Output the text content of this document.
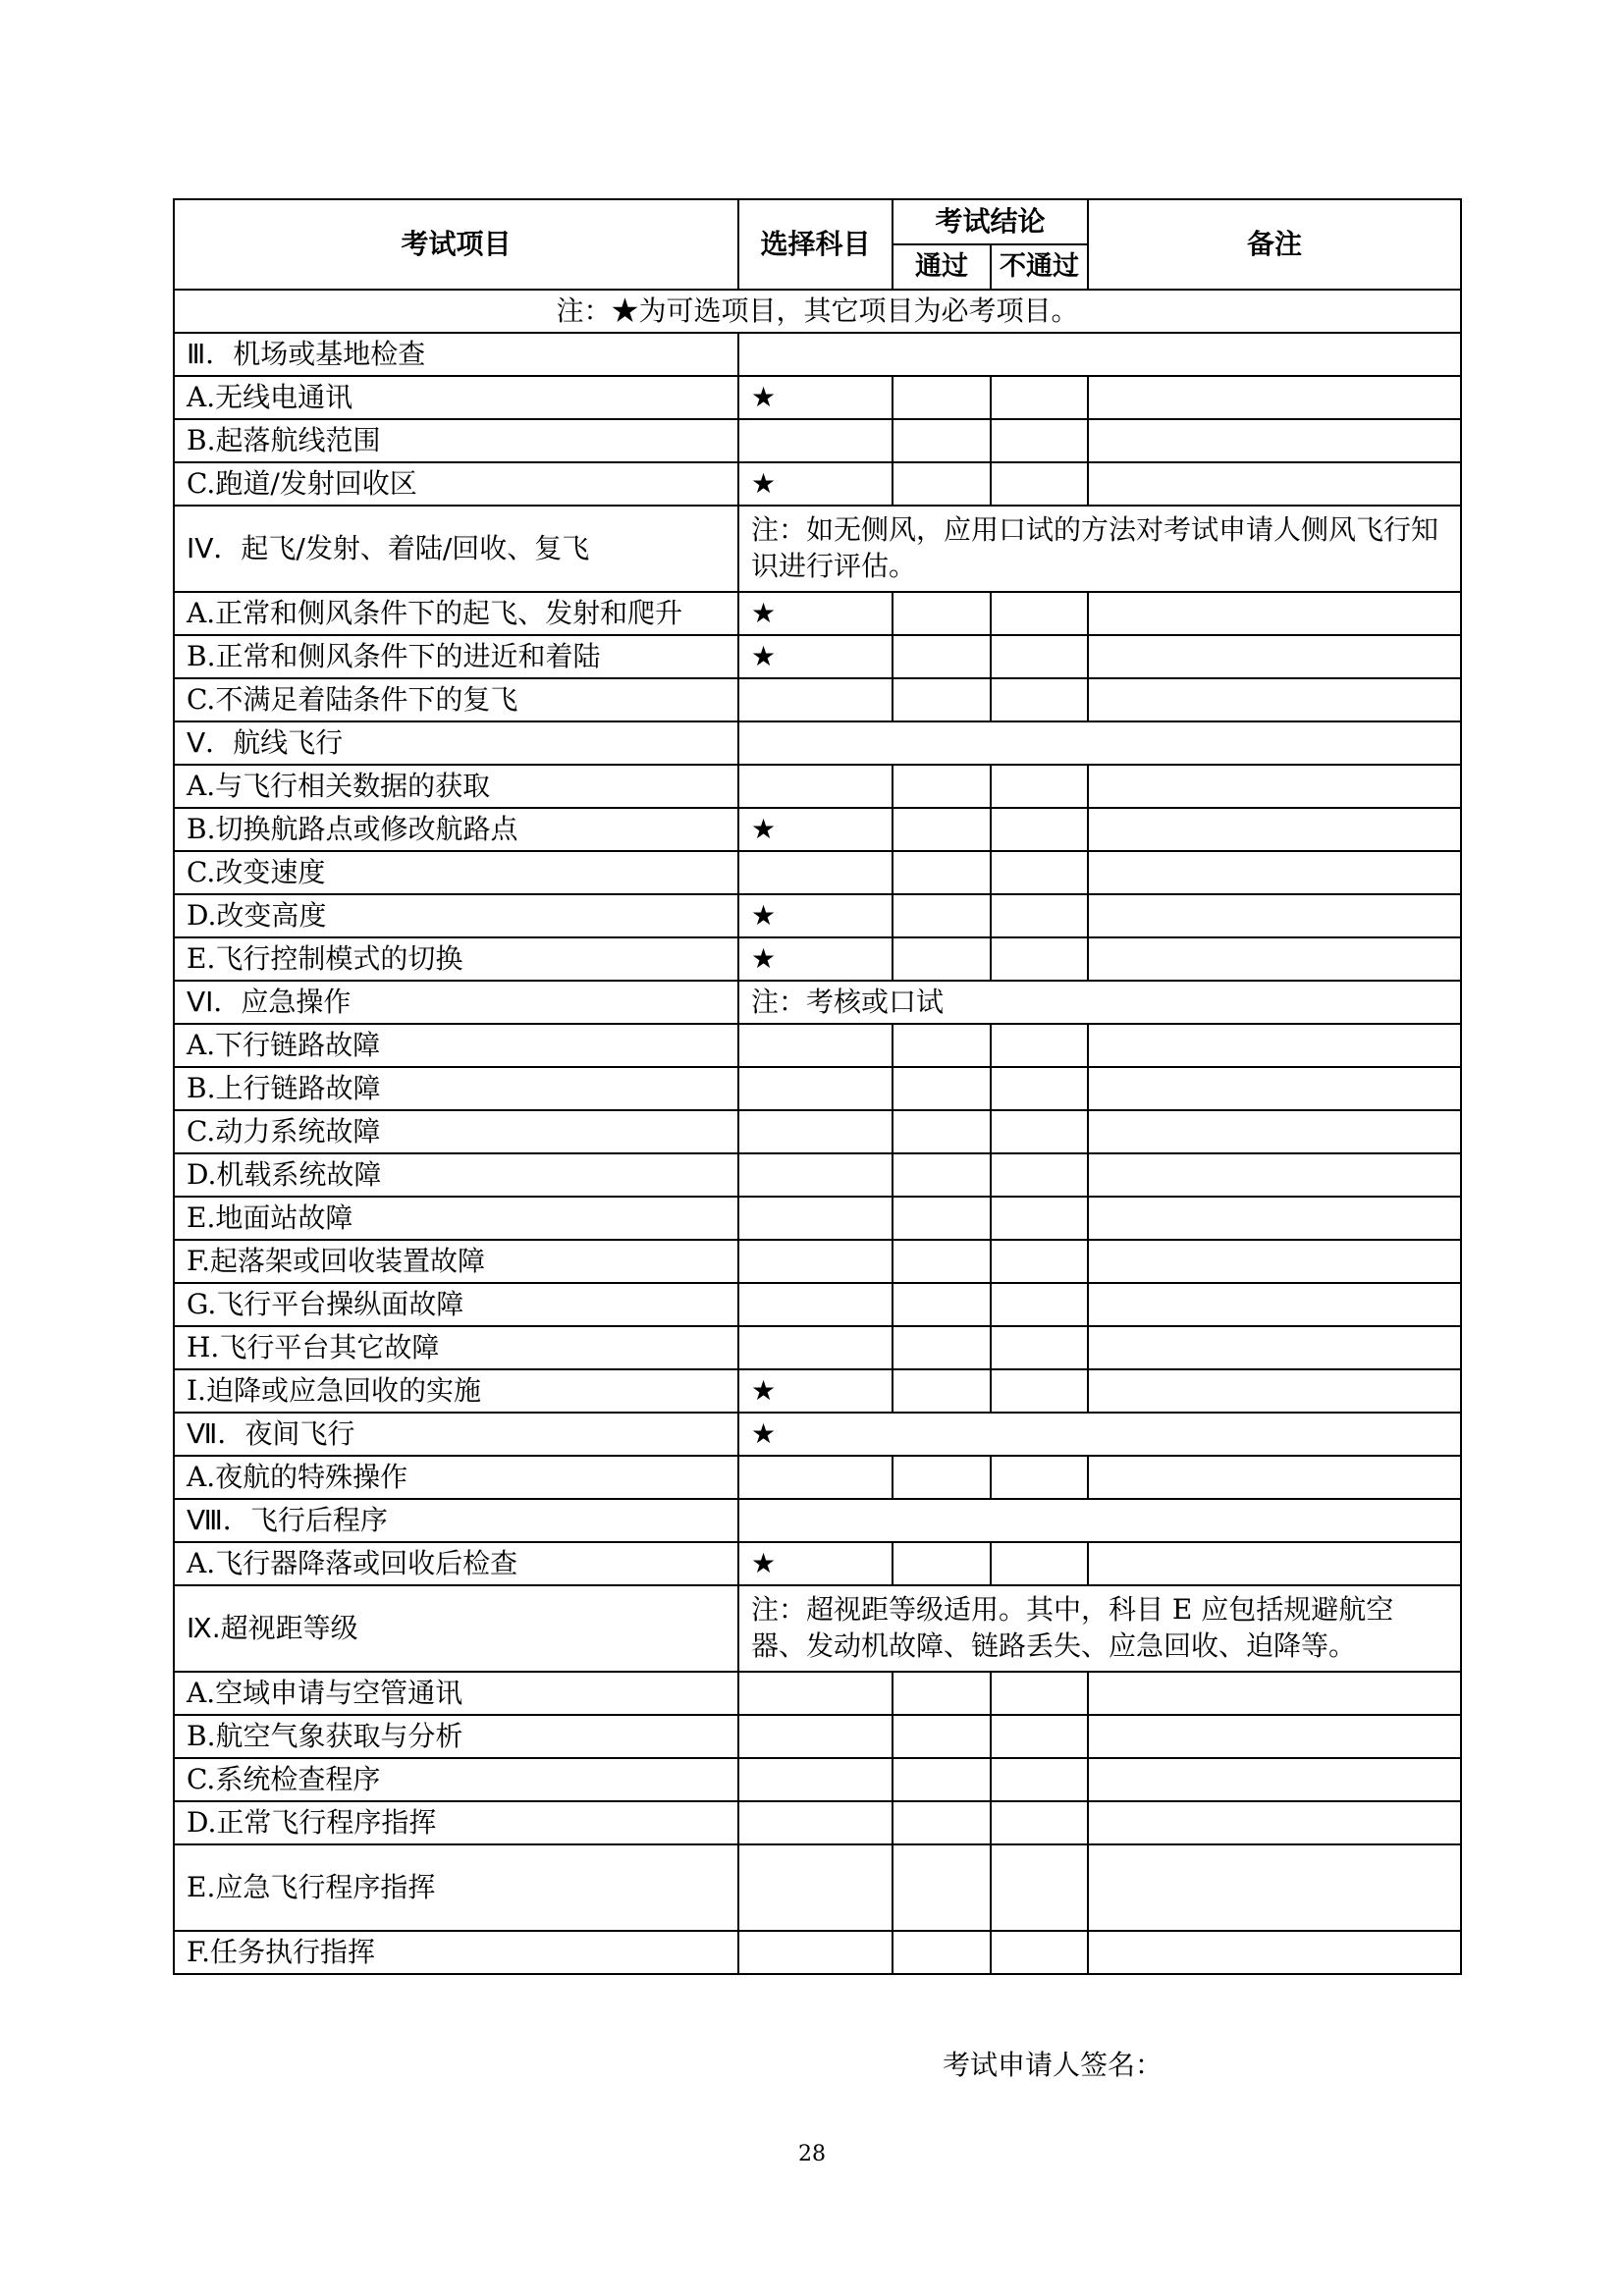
考试项目	选择科目	考试结论		备注
		通过	不通过	
注：★为可选项目，其它项目为必考项目。				
Ⅲ．机场或基地检查				
A.无线电通讯	★			
B.起落航线范围				
C.跑道/发射回收区	★			
IV．起飞/发射、着陆/回收、复飞	注：如无侧风，应用口试的方法对考试申请人侧风飞行知识进行评估。			
A.正常和侧风条件下的起飞、发射和爬升	★			
B.正常和侧风条件下的进近和着陆	★			
C.不满足着陆条件下的复飞				
V．航线飞行				
A.与飞行相关数据的获取				
B.切换航路点或修改航路点	★			
C.改变速度				
D.改变高度	★			
E.飞行控制模式的切换	★			
VI．应急操作	注：考核或口试			
A.下行链路故障				
B.上行链路故障				
C.动力系统故障				
D.机载系统故障				
E.地面站故障				
F.起落架或回收装置故障				
G.飞行平台操纵面故障				
H.飞行平台其它故障				
I.迫降或应急回收的实施	★			
Ⅶ．夜间飞行	★			
A.夜航的特殊操作				
Ⅷ．飞行后程序				
A.飞行器降落或回收后检查	★			
Ⅸ.超视距等级	注：超视距等级适用。其中，科目 E 应包括规避航空器、发动机故障、链路丢失、应急回收、迫降等。			
A.空域申请与空管通讯				
B.航空气象获取与分析				
C.系统检查程序				
D.正常飞行程序指挥				
E.应急飞行程序指挥				
F.任务执行指挥				
考试申请人签名：
28
